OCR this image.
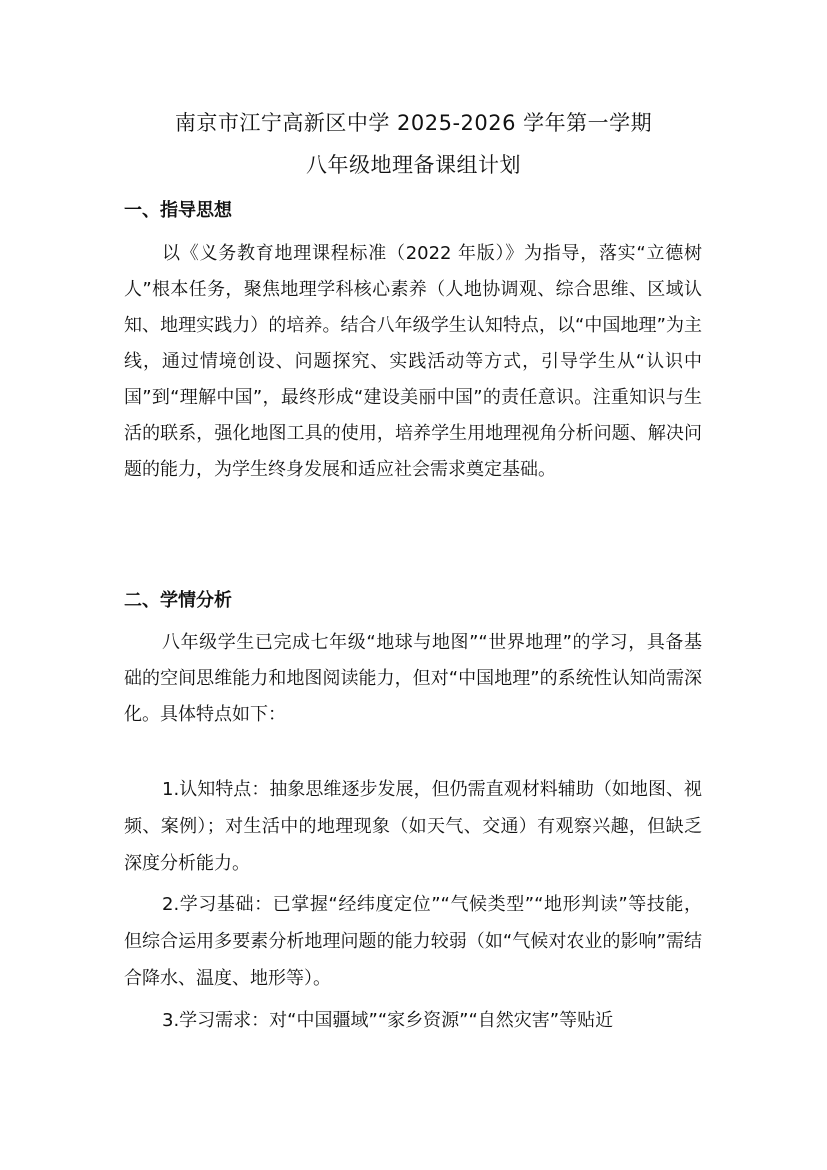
南京市江宁高新区中学 2025-2026 学年第一学期
八年级地理备课组计划
一、指导思想

以《义务教育地理课程标准（2022 年版）》为指导，落实“立德树人”根本任务，聚焦地理学科核心素养（人地协调观、综合思维、区域认知、地理实践力）的培养。结合八年级学生认知特点，以“中国地理”为主线，通过情境创设、问题探究、实践活动等方式，引导学生从“认识中国”到“理解中国”，最终形成“建设美丽中国”的责任意识。注重知识与生活的联系，强化地图工具的使用，培养学生用地理视角分析问题、解决问题的能力，为学生终身发展和适应社会需求奠定基础。

二、学情分析

八年级学生已完成七年级“地球与地图”“世界地理”的学习，具备基础的空间思维能力和地图阅读能力，但对“中国地理”的系统性认知尚需深化。具体特点如下：

1.认知特点：抽象思维逐步发展，但仍需直观材料辅助（如地图、视频、案例）；对生活中的地理现象（如天气、交通）有观察兴趣，但缺乏深度分析能力。

2.学习基础：已掌握“经纬度定位”“气候类型”“地形判读”等技能，但综合运用多要素分析地理问题的能力较弱（如“气候对农业的影响”需结合降水、温度、地形等）。

3.学习需求：对“中国疆域”“家乡资源”“自然灾害”等贴近
